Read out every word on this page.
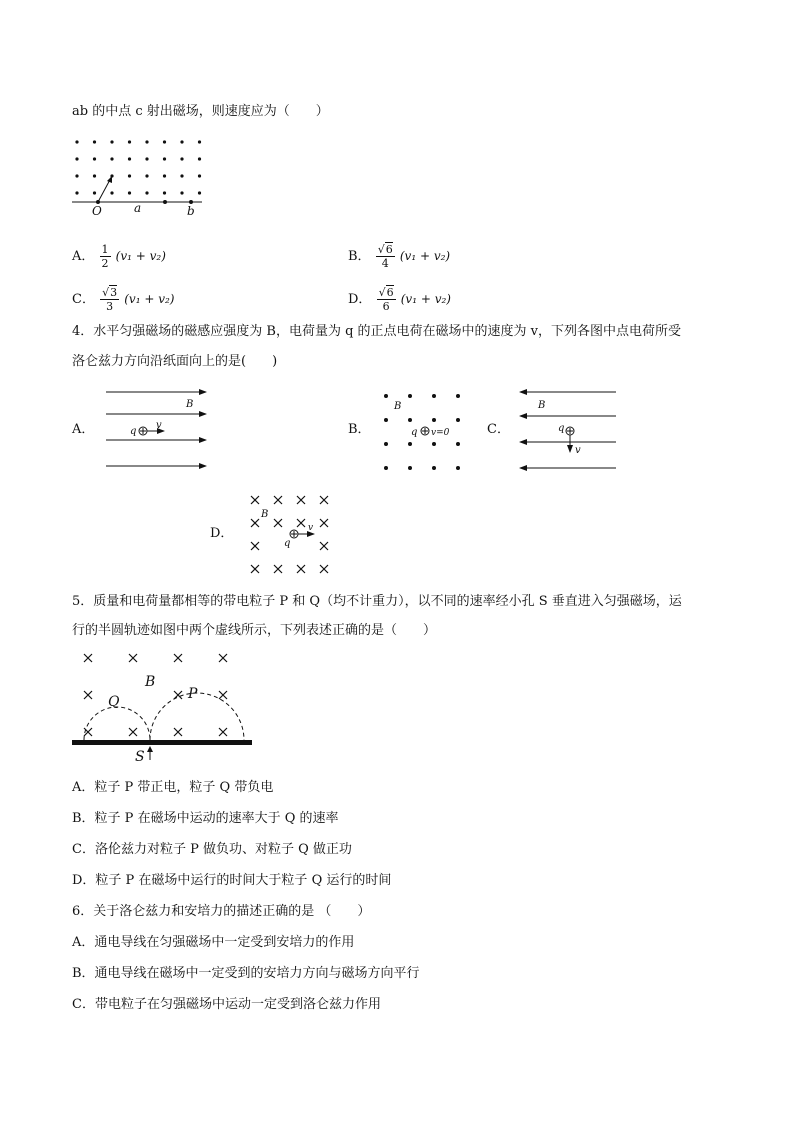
ab 的中点 c 射出磁场，则速度应为（　　）
O	a	b
A． $\frac{1}{2} (v_1 + v_2)$	B． $\frac{√6}{4} (v_1 + v_2)$
C． $\frac{√3}{3} (v_1 + v_2)$	D． $\frac{√6}{6} (v_1 + v_2)$
4．水平匀强磁场的磁感应强度为 B，电荷量为 q 的正点电荷在磁场中的速度为 v，下列各图中点电荷所受
洛仑兹力方向沿纸面向上的是(　　)
A．
B
q
v	B．
B
q v=0	C．
B
q
v
D．
B
q
v
5．质量和电荷量都相等的带电粒子 P 和 Q（均不计重力），以不同的速率经小孔 S 垂直进入匀强磁场，运
行的半圆轨迹如图中两个虚线所示，下列表述正确的是（　　）
Q
B
P
S
A．粒子 P 带正电，粒子 Q 带负电
B．粒子 P 在磁场中运动的速率大于 Q 的速率
C．洛伦兹力对粒子 P 做负功、对粒子 Q 做正功
D．粒子 P 在磁场中运行的时间大于粒子 Q 运行的时间
6．关于洛仑兹力和安培力的描述正确的是 （　　）
A．通电导线在匀强磁场中一定受到安培力的作用
B．通电导线在磁场中一定受到的安培力方向与磁场方向平行
C．带电粒子在匀强磁场中运动一定受到洛仑兹力作用
